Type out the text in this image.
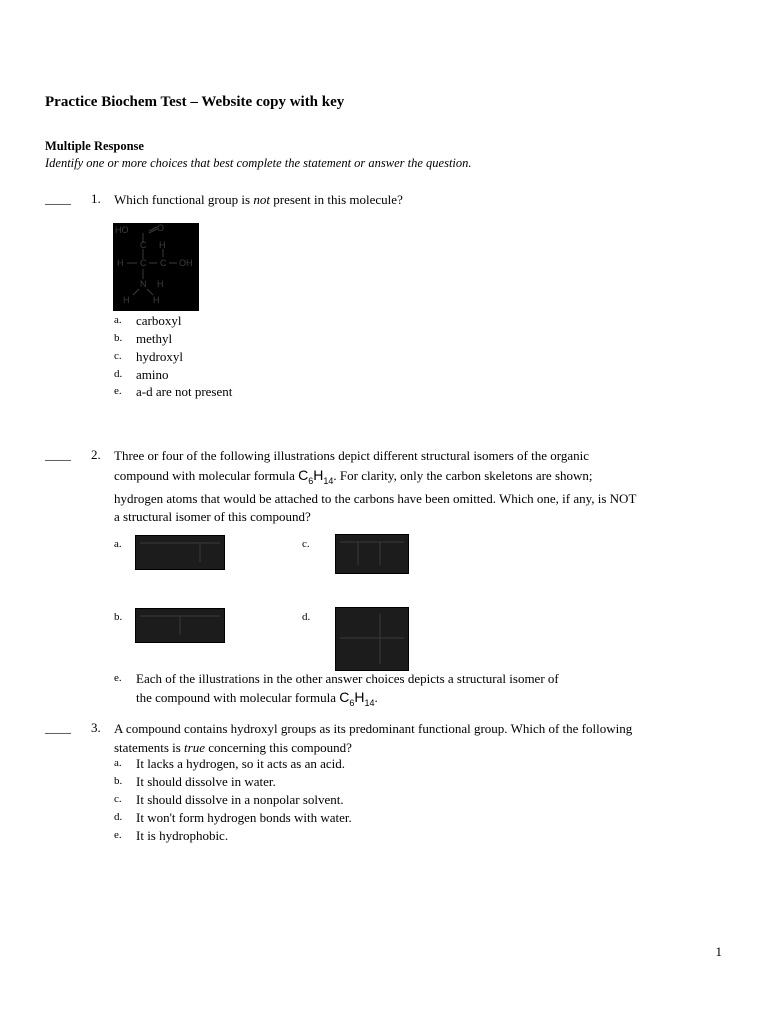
Practice Biochem Test – Website copy with key
Multiple Response
Identify one or more choices that best complete the statement or answer the question.
____ 1. Which functional group is not present in this molecule?
HO	O
C H
H C C OH
N H
H	H
a. carboxyl
b. methyl
c. hydroxyl
d. amino
e. a-d are not present
____ 2. Three or four of the following illustrations depict different structural isomers of the organic
compound with molecular formula $C_6H_{14}$. For clarity, only the carbon skeletons are shown;
hydrogen atoms that would be attached to the carbons have been omitted. Which one, if any, is NOT
a structural isomer of this compound?
a.	c.
b.	d.
e. Each of the illustrations in the other answer choices depicts a structural isomer of
the compound with molecular formula $C_6H_{14}$.
____ 3. A compound contains hydroxyl groups as its predominant functional group. Which of the following
statements is true concerning this compound?
a. It lacks a hydrogen, so it acts as an acid.
b. It should dissolve in water.
c. It should dissolve in a nonpolar solvent.
d. It won't form hydrogen bonds with water.
e. It is hydrophobic.
1
